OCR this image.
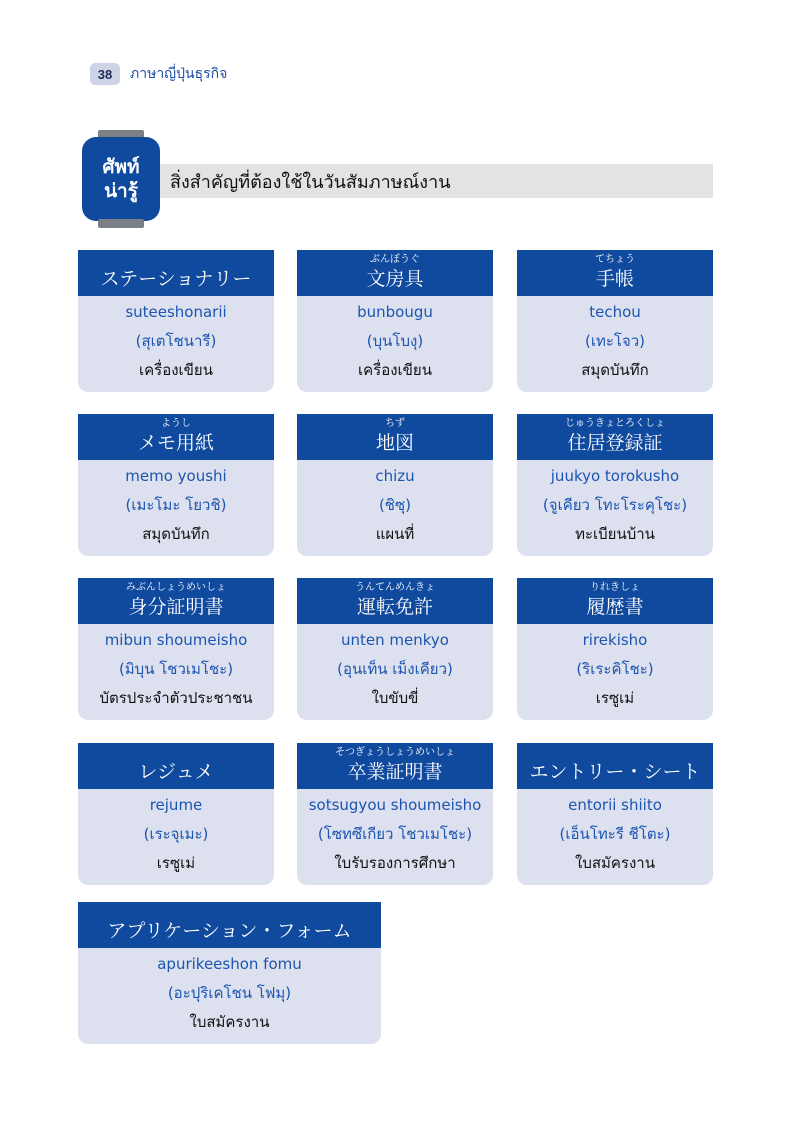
38	ภาษาญี่ปุ่นธุรกิจ
ศัพท์
น่ารู้ สิ่งสำคัญที่ต้องใช้ในวันสัมภาษณ์งาน
ステーショナリー
suteeshonarii
(สุเตโชนารี)
เครื่องเขียน
ぶんぼうぐ
文房具
bunbougu
(บุนโบงุ)
เครื่องเขียน
てちょう
手帳
techou
(เทะโจว)
สมุดบันทึก
ようし
メモ用紙
memo youshi
(เมะโมะ โยวชิ)
สมุดบันทึก
ちず
地図
chizu
(ชิซุ)
แผนที่
じゅうきょとろくしょ
住居登録証
juukyo torokusho
(จูเคียว โทะโระคุโชะ)
ทะเบียนบ้าน
みぶんしょうめいしょ
身分証明書
mibun shoumeisho
(มิบุน โชวเมโชะ)
บัตรประจำตัวประชาชน
うんてんめんきょ
運転免許
unten menkyo
(อุนเท็น เม็งเคียว)
ใบขับขี่
りれきしょ
履歴書
rirekisho
(ริเระคิโชะ)
เรซูเม่
レジュメ
rejume
(เระจุเมะ)
เรซูเม่
そつぎょうしょうめいしょ
卒業証明書
sotsugyou shoumeisho
(โซทซึเกียว โชวเมโชะ)
ใบรับรองการศึกษา
エントリー・シート
entorii shiito
(เอ็นโทะรี ชีโตะ)
ใบสมัครงาน
アプリケーション・フォーム
apurikeeshon fomu
(อะปุริเคโชน โฟมุ)
ใบสมัครงาน
